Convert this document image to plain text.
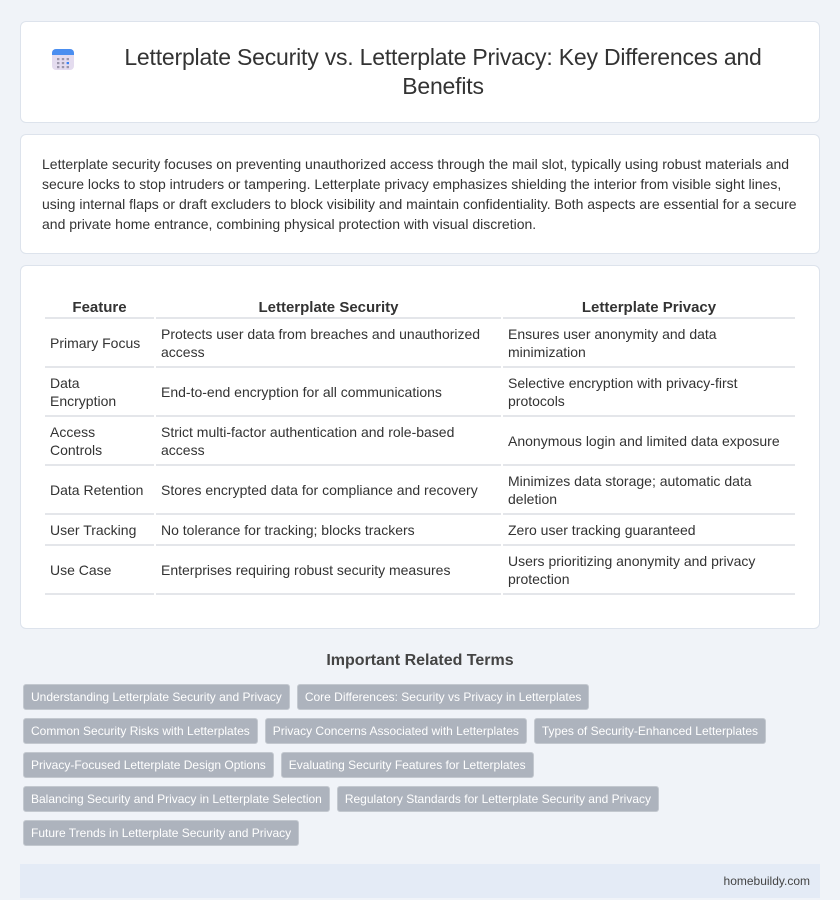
Letterplate Security vs. Letterplate Privacy: Key Differences and Benefits

Letterplate security focuses on preventing unauthorized access through the mail slot, typically using robust materials and secure locks to stop intruders or tampering. Letterplate privacy emphasizes shielding the interior from visible sight lines, using internal flaps or draft excluders to block visibility and maintain confidentiality. Both aspects are essential for a secure and private home entrance, combining physical protection with visual discretion.

Feature	Letterplate Security	Letterplate Privacy
Primary Focus	Protects user data from breaches and unauthorized access	Ensures user anonymity and data minimization
Data Encryption	End-to-end encryption for all communications	Selective encryption with privacy-first protocols
Access Controls	Strict multi-factor authentication and role-based access	Anonymous login and limited data exposure
Data Retention	Stores encrypted data for compliance and recovery	Minimizes data storage; automatic data deletion
User Tracking	No tolerance for tracking; blocks trackers	Zero user tracking guaranteed
Use Case	Enterprises requiring robust security measures	Users prioritizing anonymity and privacy protection
Important Related Terms
Understanding Letterplate Security and Privacy	Core Differences: Security vs Privacy in Letterplates
Common Security Risks with Letterplates	Privacy Concerns Associated with Letterplates	Types of Security-Enhanced Letterplates
Privacy-Focused Letterplate Design Options	Evaluating Security Features for Letterplates
Balancing Security and Privacy in Letterplate Selection	Regulatory Standards for Letterplate Security and Privacy
Future Trends in Letterplate Security and Privacy
homebuildy.com
